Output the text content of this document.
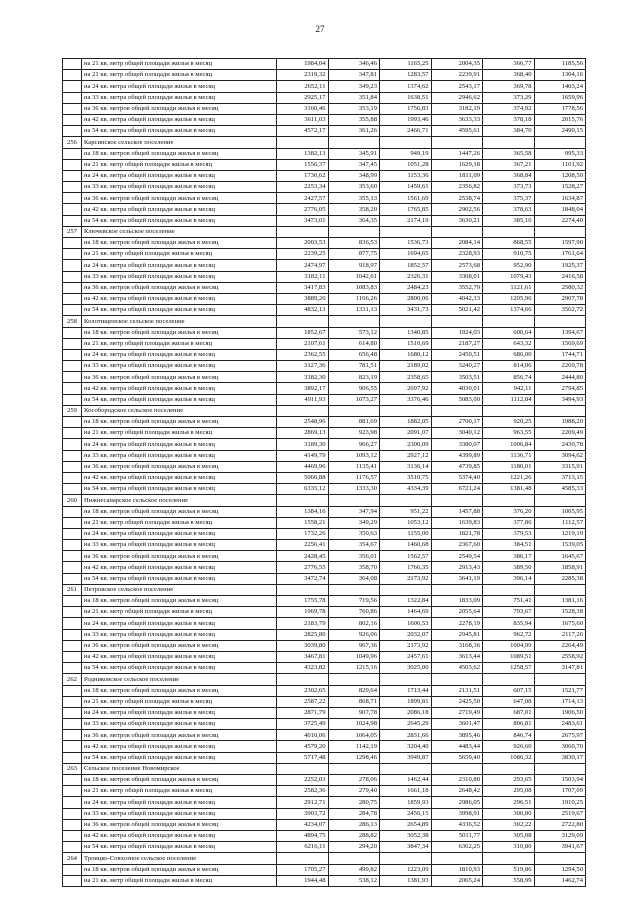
27
	на 21 кв. метр общей площади жилья в месяц	1984,04	346,46	1165,25	2004,35	366,77	1185,56
	на 21 кв. метр общей площади жилья в месяц	2319,32	347,81	1283,57	2239,91	368,40	1304,16
	на 24 кв. метра общей площади жилья в месяц	2652,11	349,23	1374,62	2543,17	369,78	1403,24
	на 33 кв. метра общей площади жилья в месяц	2925,17	351,84	1638,51	2946,62	373,29	1659,96
	на 36 кв. метров общей площади жилья в месяц	3160,46	353,19	1756,83	3182,19	374,92	1778,56
	на 42 кв. метра общей площади жилья в месяц	3611,03	355,88	1993,46	3633,33	378,18	2015,76
	на 54 кв. метра общей площади жилья в месяц	4572,17	361,26	2466,71	4595,61	384,70	2490,15
256	Карсинское сельское поселение						
	на 18 кв. метров общей площади жилья в месяц	1382,13	345,91	949,19	1447,26	365,58	995,33
	на 21 кв. метр общей площади жилья в месяц	1556,37	347,45	1051,28	1629,18	367,21	1101,92
	на 24 кв. метра общей площади жилья в месяц	1730,62	348,99	1153,36	1811,09	368,84	1208,50
	на 33 кв. метра общей площади жилья в месяц	2253,34	353,60	1459,61	2356,82	373,73	1528,27
	на 36 кв. метров общей площади жилья в месяц	2427,57	355,13	1561,69	2538,74	375,37	1634,87
	на 42 кв. метра общей площади жилья в месяц	2776,05	358,20	1765,85	2902,56	378,63	1848,04
	на 54 кв. метра общей площади жилья в месяц	3473,01	364,35	2174,19	3630,21	385,16	2274,40
257	Ключевское сельское поселение						
	на 18 кв. метров общей площади жилья в месяц	2003,53	836,53	1536,73	2084,14	868,55	1597,90
	на 21 кв. метр общей площади жилья в месяц	2239,25	877,75	1694,65	2328,93	910,75	1761,64
	на 24 кв. метра общей площади жилья в месяц	2474,97	918,97	1852,57	2573,68	952,90	1925,37
	на 33 кв. метра общей площади жилья в месяц	3182,11	1042,61	2326,31	3308,01	1079,43	2416,58
	на 36 кв. метров общей площади жилья в месяц	3417,83	1083,83	2484,23	3552,79	1121,61	2580,32
	на 42 кв. метра общей площади жилья в месяц	3889,26	1166,26	2800,06	4042,33	1205,96	2907,78
	на 54 кв. метра общей площади жилья в месяц	4832,13	1331,13	3431,73	5021,42	1374,66	3562,72
258	Колотищенское сельское поселение						
	на 18 кв. метров общей площади жилья в месяц	1852,67	573,12	1340,85	1924,03	600,64	1394,67
	на 21 кв. метр общей площади жилья в месяц	2107,61	614,80	1510,69	2187,27	643,32	1569,69
	на 24 кв. метра общей площади жилья в месяц	2362,55	656,48	1680,12	2450,51	686,00	1744,71
	на 33 кв. метра общей площади жилья в месяц	3127,36	781,51	2189,02	3240,27	814,06	2269,78
	на 36 кв. метров общей площади жилья в месяц	3382,30	823,19	2358,65	3503,51	856,74	2444,80
	на 42 кв. метра общей площади жилья в месяц	3892,17	906,55	2697,92	4030,01	942,11	2794,85
	на 54 кв. метра общей площади жилья в месяц	4911,93	1073,27	3376,46	5083,00	1112,84	3494,93
259	Кособородское сельское поселение						
	на 18 кв. метров общей площади жилья в месяц	2548,96	881,69	1882,05	2700,17	920,25	1988,20
	на 21 кв. метр общей площади жилья в месяц	2869,13	923,98	2091,07	3040,12	963,55	2209,49
	на 24 кв. метра общей площади жилья в месяц	3189,30	966,27	2300,09	3380,07	1006,84	2430,78
	на 33 кв. метра общей площади жилья в месяц	4149,79	1093,12	2927,12	4399,89	1136,71	3094,62
	на 36 кв. метров общей площади жилья в месяц	4469,96	1135,41	3136,14	4739,85	1180,01	3315,91
	на 42 кв. метра общей площади жилья в месяц	5066,88	1176,57	3510,75	5374,40	1221,26	3713,15
	на 54 кв. метра общей площади жилья в месяц	6335,12	1333,30	4334,39	6721,24	1381,48	4585,33
260	Нижнесанарское сельское поселение						
	на 18 кв. метров общей площади жилья в месяц	1384,16	347,94	951,22	1457,88	376,20	1005,95
	на 21 кв. метр общей площади жилья в месяц	1558,21	349,29	1053,12	1639,83	377,86	1112,57
	на 24 кв. метра общей площади жилья в месяц	1732,26	350,63	1155,00	1821,78	379,53	1219,19
	на 33 кв. метра общей площади жилья в месяц	2256,41	354,67	1460,68	2367,60	384,51	1539,05
	на 36 кв. метров общей площади жилья в месяц	2428,45	356,01	1562,57	2549,54	386,17	1645,67
	на 42 кв. метра общей площади жилья в месяц	2776,55	358,70	1766,35	2913,43	389,50	1858,91
	на 54 кв. метра общей площади жилья в месяц	3472,74	364,08	2173,92	3641,19	396,14	2285,38
261	Петровское сельское поселение						
	на 18 кв. метров общей площади жилья в месяц	1755,78	719,56	1322,84	1833,09	751,41	1381,16
	на 21 кв. метр общей площади жилья в месяц	1969,78	760,86	1464,69	2055,64	793,67	1528,38
	на 24 кв. метра общей площади жилья в месяц	2183,79	802,16	1606,53	2278,19	835,94	1675,60
	на 33 кв. метра общей площади жилья в месяц	2825,80	926,06	2032,07	2945,81	962,72	2117,26
	на 36 кв. метров общей площади жилья в месяц	3039,80	967,36	2173,92	3168,36	1004,99	2264,49
	на 42 кв. метра общей площади жилья в месяц	3467,81	1049,96	2457,61	3613,44	1089,51	2558,92
	на 54 кв. метра общей площади жилья в месяц	4323,82	1215,16	3025,00	4503,62	1258,57	3147,81
262	Родниковское сельское поселение						
	на 18 кв. метров общей площади жилья в месяц	2302,65	829,64	1713,44	2131,51	607,15	1521,77
	на 21 кв. метр общей площади жилья в месяц	2587,22	868,71	1899,81	2425,50	647,08	1714,13
	на 24 кв. метра общей площади жилья в месяц	2871,79	907,78	2086,18	2719,49	687,01	1906,50
	на 33 кв. метра общей площади жилья в месяц	3725,49	1024,98	2645,29	3601,47	806,81	2483,61
	на 36 кв. метров общей площади жилья в месяц	4010,06	1064,05	2831,66	3895,46	846,74	2675,97
	на 42 кв. метра общей площади жилья в месяц	4579,20	1142,19	3204,40	4483,44	926,60	3060,70
	на 54 кв. метра общей площади жилья в месяц	5717,48	1298,46	3949,87	5659,40	1086,32	3830,17
263	Сельское поселение Новомирское						
	на 18 кв. метров общей площади жилья в месяц	2252,03	278,06	1462,44	2310,80	293,65	1503,94
	на 21 кв. метр общей площади жилья в месяц	2582,36	279,40	1661,18	2648,42	295,08	1707,09
	на 24 кв. метра общей площади жилья в месяц	2912,71	280,75	1859,93	2986,05	296,51	1910,25
	на 33 кв. метра общей площади жилья в месяц	3903,72	284,78	2456,15	3998,91	300,80	2519,67
	на 36 кв. метров общей площади жилья в месяц	4234,07	286,13	2654,89	4336,52	302,22	2722,80
	на 42 кв. метра общей площади жилья в месяц	4894,75	288,82	3052,38	5011,77	305,08	3129,09
	на 54 кв. метра общей площади жилья в месяц	6216,11	294,20	3847,34	6362,25	310,80	3941,67
264	Троицко-Совхозное сельское поселение						
	на 18 кв. метров общей площади жилья в месяц	1705,27	499,82	1223,09	1810,93	519,86	1294,50
	на 21 кв. метр общей площади жилья в месяц	1944,48	538,12	1381,93	2065,24	558,99	1462,74
